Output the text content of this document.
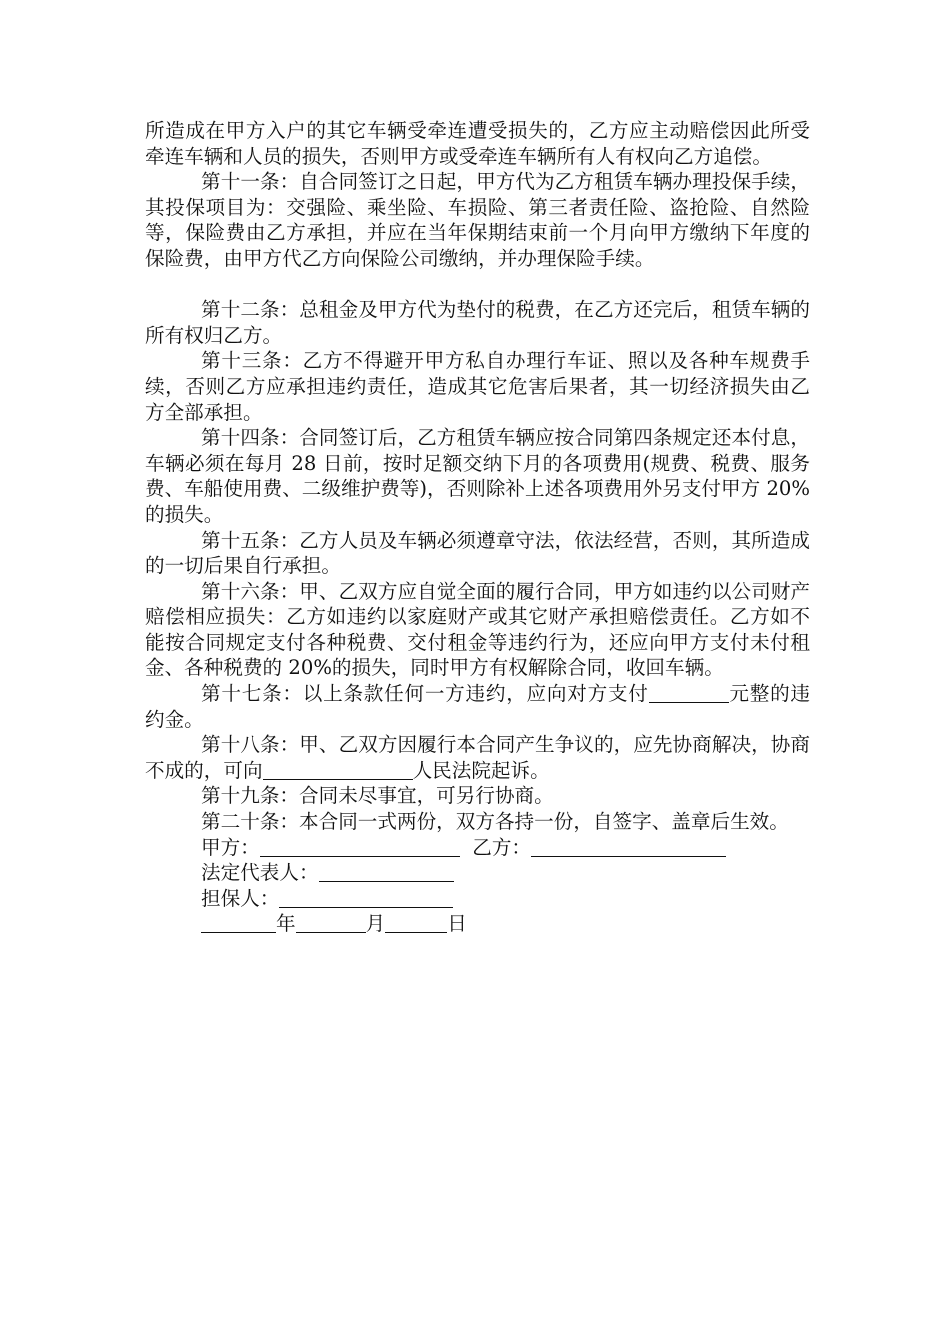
所造成在甲方入户的其它车辆受牵连遭受损失的，乙方应主动赔偿因此所受牵连车辆和人员的损失，否则甲方或受牵连车辆所有人有权向乙方追偿。

第十一条：自合同签订之日起，甲方代为乙方租赁车辆办理投保手续，其投保项目为：交强险、乘坐险、车损险、第三者责任险、盗抢险、自然险等，保险费由乙方承担，并应在当年保期结束前一个月向甲方缴纳下年度的保险费，由甲方代乙方向保险公司缴纳，并办理保险手续。

第十二条：总租金及甲方代为垫付的税费，在乙方还完后，租赁车辆的所有权归乙方。

第十三条：乙方不得避开甲方私自办理行车证、照以及各种车规费手续，否则乙方应承担违约责任，造成其它危害后果者，其一切经济损失由乙方全部承担。

第十四条：合同签订后，乙方租赁车辆应按合同第四条规定还本付息，车辆必须在每月 28 日前，按时足额交纳下月的各项费用(规费、税费、服务费、车船使用费、二级维护费等)，否则除补上述各项费用外另支付甲方 20%的损失。

第十五条：乙方人员及车辆必须遵章守法，依法经营，否则，其所造成的一切后果自行承担。

第十六条：甲、乙双方应自觉全面的履行合同，甲方如违约以公司财产赔偿相应损失：乙方如违约以家庭财产或其它财产承担赔偿责任。乙方如不能按合同规定支付各种税费、交付租金等违约行为，还应向甲方支付未付租金、各种税费的 20%的损失，同时甲方有权解除合同，收回车辆。

第十七条：以上条款任何一方违约，应向对方支付	元整的违约金。

第十八条：甲、乙双方因履行本合同产生争议的，应先协商解决，协商不成的，可向	人民法院起诉。

第十九条：合同未尽事宜，可另行协商。

第二十条：本合同一式两份，双方各持一份，自签字、盖章后生效。

甲方：	乙方：
法定代表人：
担保人：
年	月	日
